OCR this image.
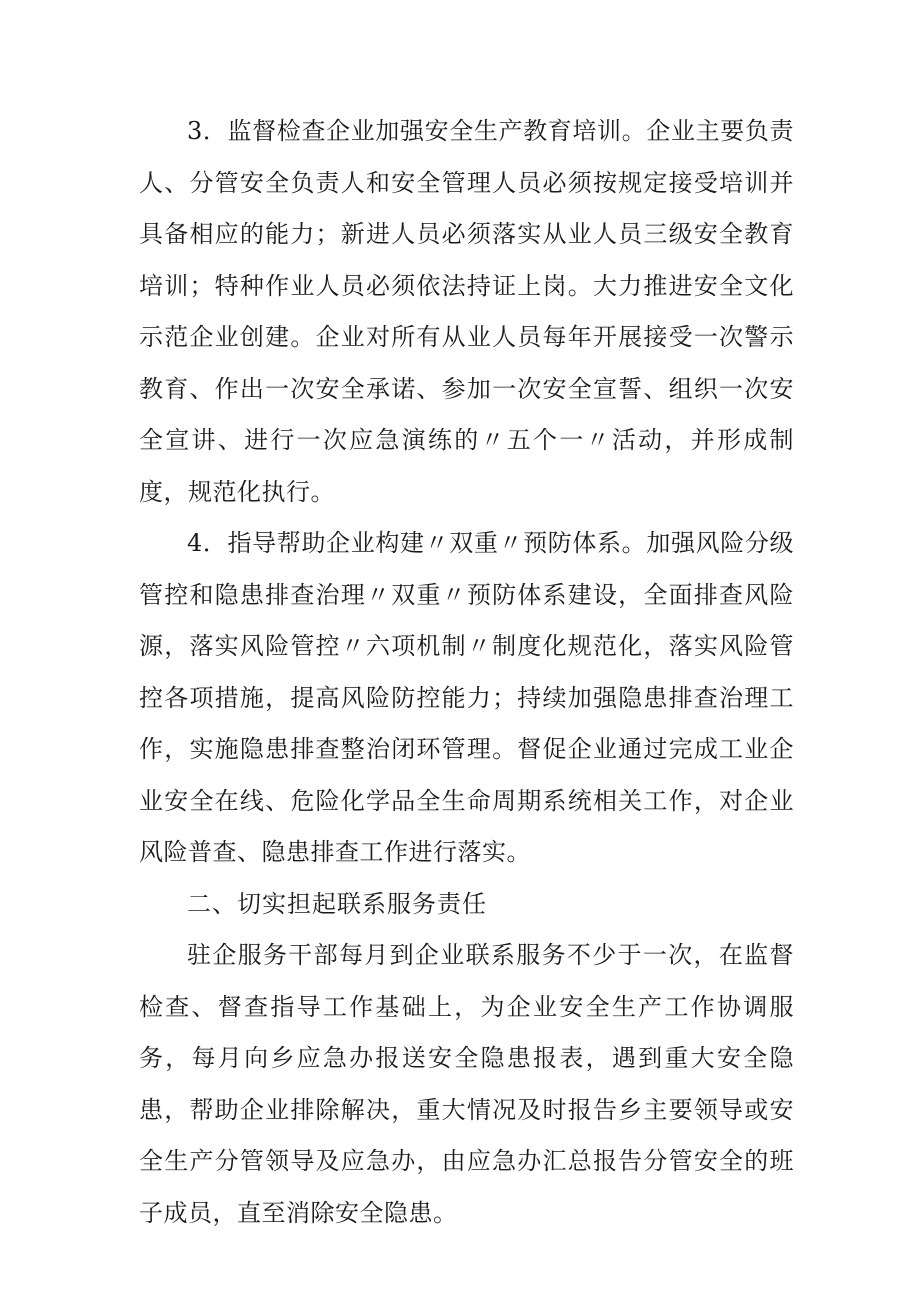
3．监督检查企业加强安全生产教育培训。企业主要负责人、分管安全负责人和安全管理人员必须按规定接受培训并具备相应的能力；新进人员必须落实从业人员三级安全教育培训；特种作业人员必须依法持证上岗。大力推进安全文化示范企业创建。企业对所有从业人员每年开展接受一次警示教育、作出一次安全承诺、参加一次安全宣誓、组织一次安全宣讲、进行一次应急演练的〃五个一〃活动，并形成制度，规范化执行。

4．指导帮助企业构建〃双重〃预防体系。加强风险分级管控和隐患排查治理〃双重〃预防体系建设，全面排查风险源，落实风险管控〃六项机制〃制度化规范化，落实风险管控各项措施，提高风险防控能力；持续加强隐患排查治理工作，实施隐患排查整治闭环管理。督促企业通过完成工业企业安全在线、危险化学品全生命周期系统相关工作，对企业风险普查、隐患排查工作进行落实。

二、切实担起联系服务责任

驻企服务干部每月到企业联系服务不少于一次，在监督检查、督查指导工作基础上，为企业安全生产工作协调服务，每月向乡应急办报送安全隐患报表，遇到重大安全隐患，帮助企业排除解决，重大情况及时报告乡主要领导或安全生产分管领导及应急办，由应急办汇总报告分管安全的班子成员，直至消除安全隐患。
